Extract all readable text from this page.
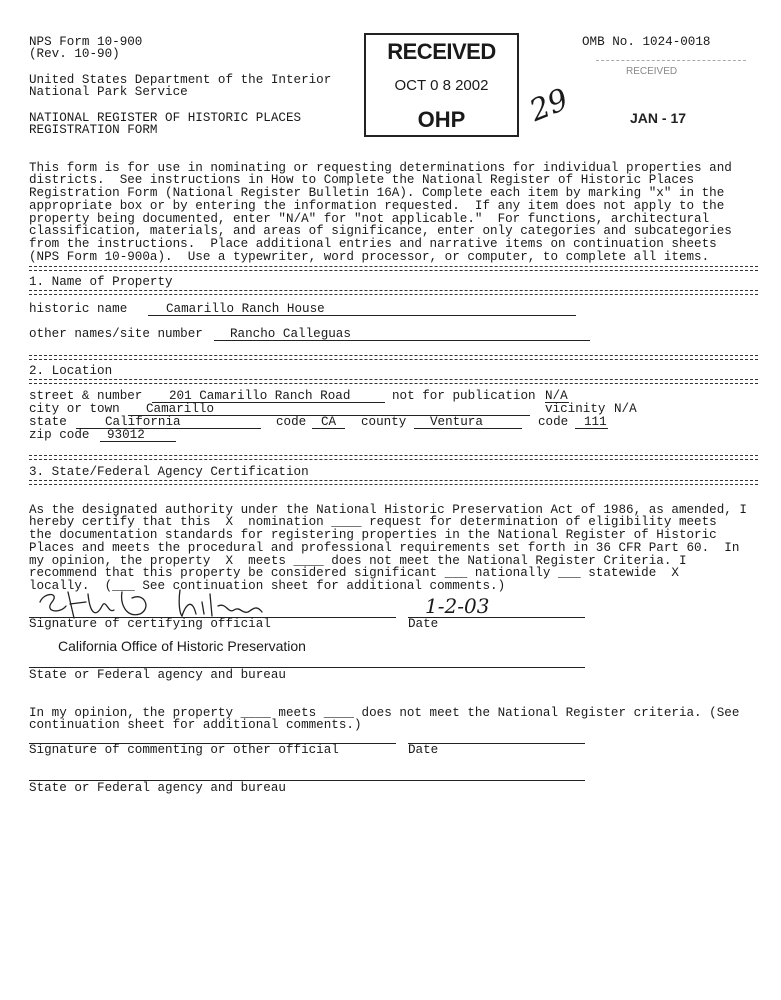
NPS Form 10-900
(Rev. 10-90)
OMB No. 1024-0018
United States Department of the Interior
National Park Service
NATIONAL REGISTER OF HISTORIC PLACES
REGISTRATION FORM
RECEIVED
OCT 0 8 2002
OHP	29
RECEIVED
JAN - 17

This form is for use in nominating or requesting determinations for individual properties and
districts.  See instructions in How to Complete the National Register of Historic Places
Registration Form (National Register Bulletin 16A). Complete each item by marking "x" in the
appropriate box or by entering the information requested.  If any item does not apply to the
property being documented, enter "N/A" for "not applicable."  For functions, architectural
classification, materials, and areas of significance, enter only categories and subcategories
from the instructions.  Place additional entries and narrative items on continuation sheets
(NPS Form 10-900a).  Use a typewriter, word processor, or computer, to complete all items.

1. Name of Property
historic name	Camarillo Ranch House
other names/site number Rancho Calleguas
2. Location
street & number 201 Camarillo Ranch Road	not for publication N/A
city or town Camarillo	vicinity N/A
state	California	code CA county Ventura	code 111
zip code 93012
3. State/Federal Agency Certification

As the designated authority under the National Historic Preservation Act of 1986, as amended, I
hereby certify that this  X  nomination ____ request for determination of eligibility meets
the documentation standards for registering properties in the National Register of Historic
Places and meets the procedural and professional requirements set forth in 36 CFR Part 60.  In
my opinion, the property  X  meets ____ does not meet the National Register Criteria. I
recommend that this property be considered significant ___ nationally ___ statewide  X
locally.  (___ See continuation sheet for additional comments.)

1-2-03
Signature of certifying official	Date
California Office of Historic Preservation
State or Federal agency and bureau

In my opinion, the property ____ meets ____ does not meet the National Register criteria. (See
continuation sheet for additional comments.)

Signature of commenting or other official	Date
State or Federal agency and bureau
